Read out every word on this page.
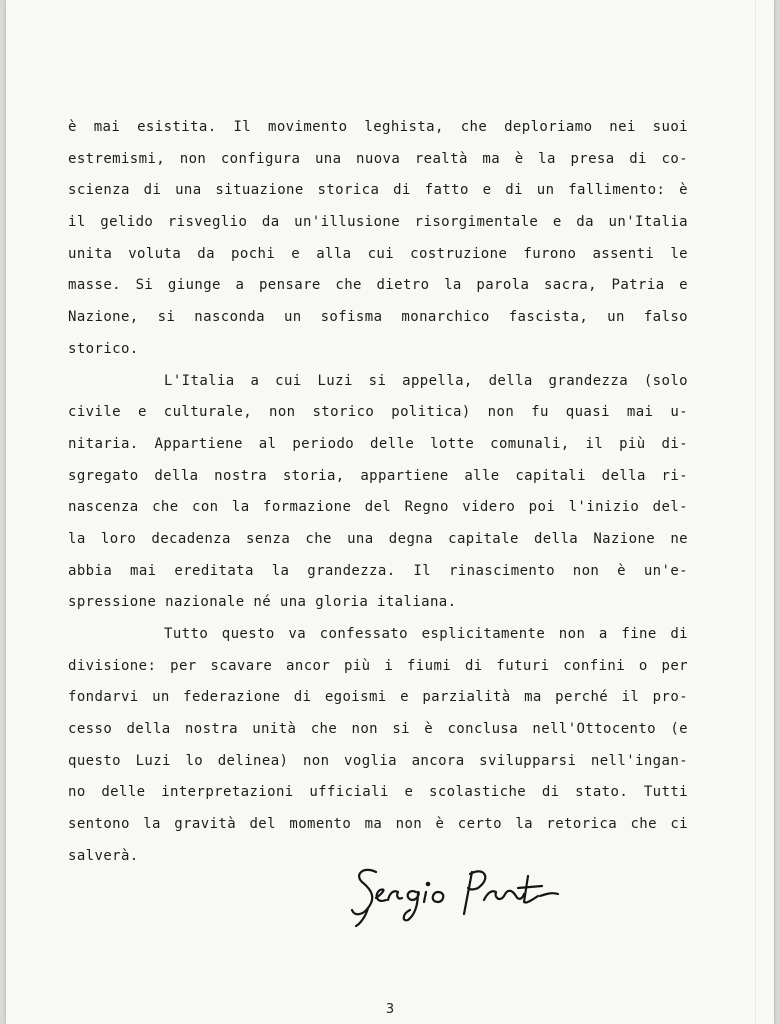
è mai esistita. Il movimento leghista, che deploriamo nei suoi
estremismi, non configura una nuova realtà ma è la presa di co-
scienza di una situazione storica di fatto e di un fallimento: è
il gelido risveglio da un'illusione risorgimentale e da un'Italia
unita voluta da pochi e alla cui costruzione furono assenti le
masse. Si giunge a pensare che dietro la parola sacra, Patria e
Nazione, si nasconda un sofisma monarchico fascista, un falso
storico.
L'Italia a cui Luzi si appella, della grandezza (solo
civile e culturale, non storico politica) non fu quasi mai u-
nitaria. Appartiene al periodo delle lotte comunali, il più di-
sgregato della nostra storia, appartiene alle capitali della ri-
nascenza che con la formazione del Regno videro poi l'inizio del-
la loro decadenza senza che una degna capitale della Nazione ne
abbia mai ereditata la grandezza. Il rinascimento non è un'e-
spressione nazionale né una gloria italiana.
Tutto questo va confessato esplicitamente non a fine di
divisione: per scavare ancor più i fiumi di futuri confini o per
fondarvi un federazione di egoismi e parzialità ma perché il pro-
cesso della nostra unità che non si è conclusa nell'Ottocento (e
questo Luzi lo delinea) non voglia ancora svilupparsi nell'ingan-
no delle interpretazioni ufficiali e scolastiche di stato. Tutti
sentono la gravità del momento ma non è certo la retorica che ci
salverà.
3
